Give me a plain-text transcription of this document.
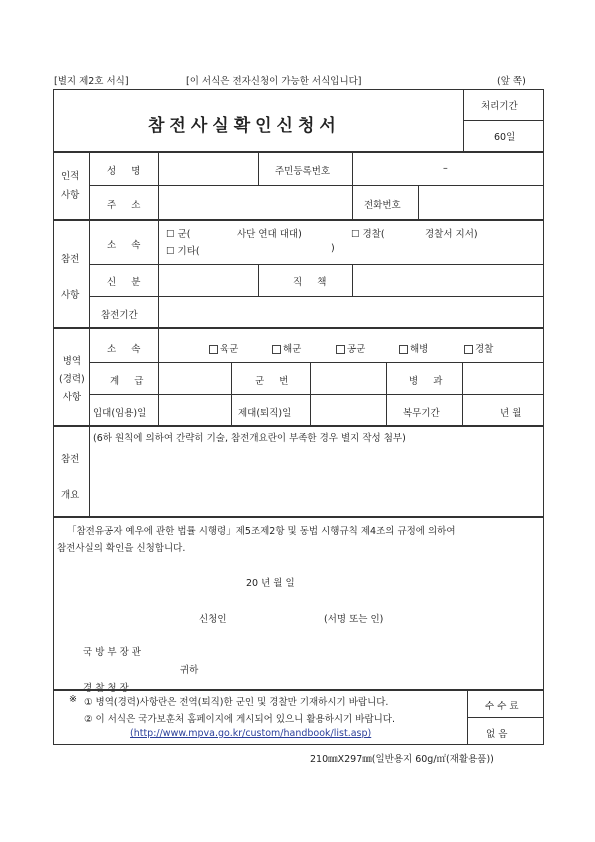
[별지 제2호 서식]	[이 서식은 전자신청이 가능한 서식입니다]	(앞 쪽)
참전사실확인신청서
처리기간
60일
인적
사항
성 명	주민등록번호	–
주 소	전화번호
참전
사항
소 속
☐ 군(	사단 연대 대대)	☐ 경찰(	경찰서 지서)
☐ 기타(	)
신 분	직 책
참전기간
병역
(경력)
사항
소 속	육군	해군	공군	해병	경찰
계 급	군 번	병 과
입대(임용)일	제대(퇴직)일	복무기간	년 월
참전
개요
(6하 원칙에 의하여 간략히 기술, 참전개요란이 부족한 경우 별지 작성 첨부)
「참전유공자 예우에 관한 법률 시행령」제5조제2항 및 동법 시행규칙 제4조의 규정에 의하여
참전사실의 확인을 신청합니다.
20 년 월 일
신청인	(서명 또는 인)
국 방 부 장 관
귀하
경 찰 청 장
※ ① 병역(경력)사항란은 전역(퇴직)한 군인 및 경찰만 기재하시기 바랍니다.
② 이 서식은 국가보훈처 홈페이지에 게시되어 있으니 활용하시기 바랍니다.
(http://www.mpva.go.kr/custom/handbook/list.asp)
수 수 료
없 음
210㎜X297㎜(일반용지 60g/㎡(재활용품))
